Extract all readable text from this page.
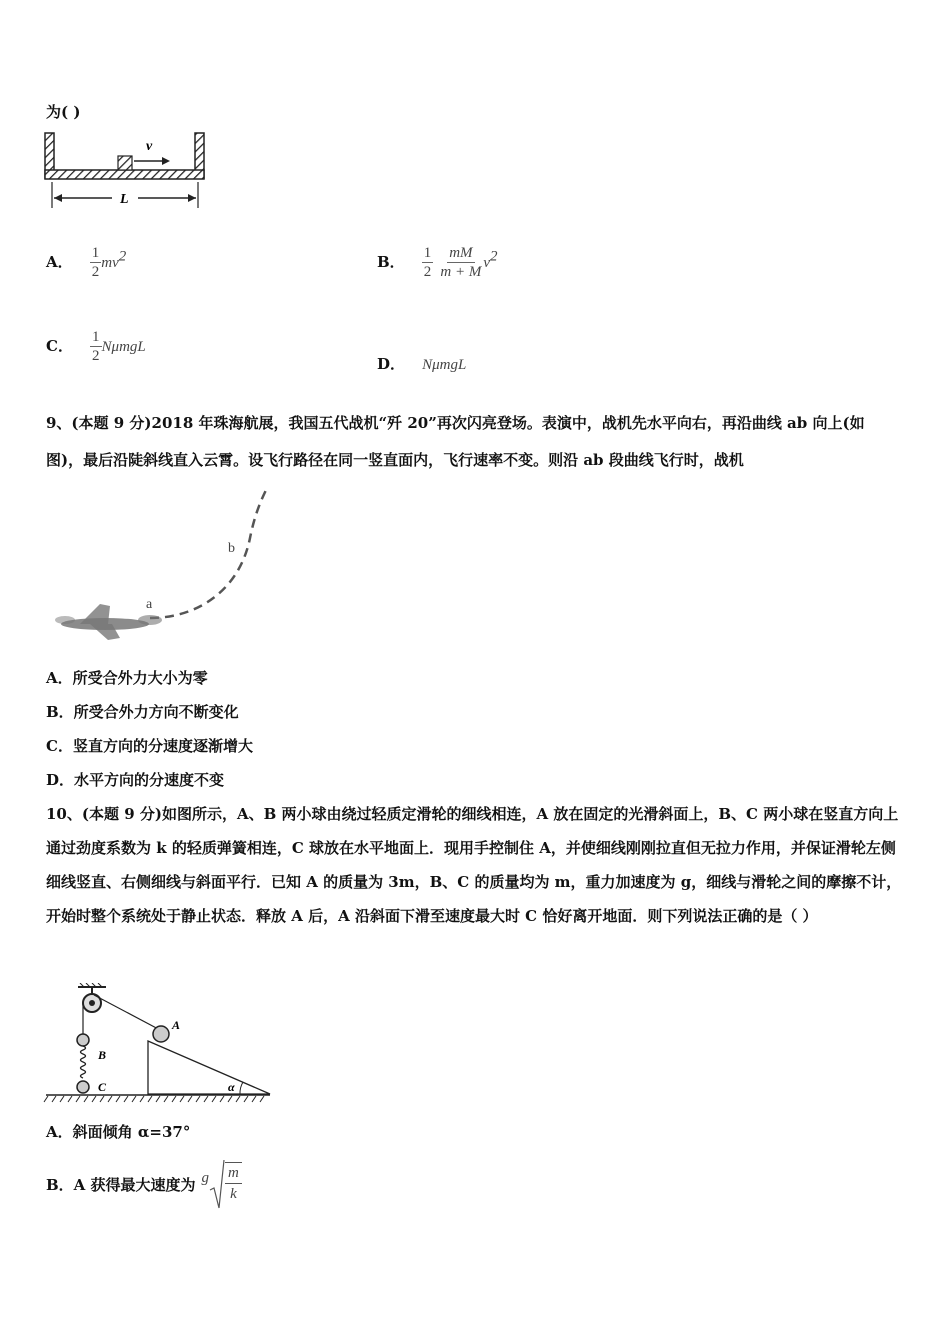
为( )
v
L
A． $\frac{1}{2} mv^2$	B． $\frac{1}{2}$
$\frac{mM}{m + M} v^2$
C． $\frac{1}{2}$ NμmgL
D． NμmgL
9、(本题 9 分)2018 年珠海航展，我国五代战机“歼 20”再次闪亮登场。表演中，战机先水平向右，再沿曲线 ab 向上(如
图)，最后沿陡斜线直入云霄。设飞行路径在同一竖直面内，飞行速率不变。则沿 ab 段曲线飞行时，战机
a
b
A．所受合外力大小为零
B．所受合外力方向不断变化
C．竖直方向的分速度逐渐增大
D．水平方向的分速度不变
10、(本题 9 分)如图所示，A、B 两小球由绕过轻质定滑轮的细线相连，A 放在固定的光滑斜面上，B、C 两小球在竖直方向上通过劲度系数为 k 的轻质弹簧相连，C 球放在水平地面上．现用手控制住 A，并使细线刚刚拉直但无拉力作用，并保证滑轮左侧细线竖直、右侧细线与斜面平行．已知 A 的质量为 3m，B、C 的质量均为 m，重力加速度为 g，细线与滑轮之间的摩擦不计，开始时整个系统处于静止状态．释放 A 后，A 沿斜面下滑至速度最大时 C 恰好离开地面．则下列说法正确的是（ ）
B
C
A
α
A．斜面倾角 α=37°
B．A 获得最大速度为 g m
k
